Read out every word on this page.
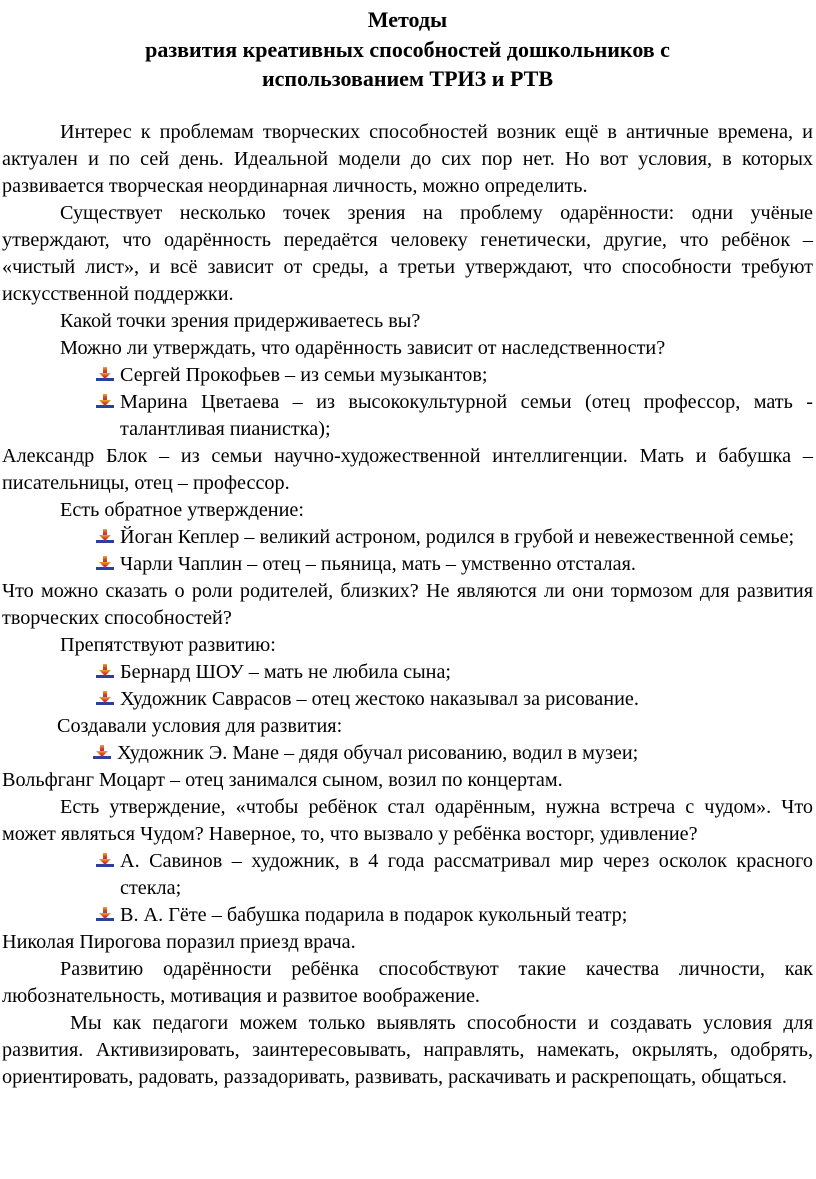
Методы
развития креативных способностей дошкольников с
использованием ТРИЗ и РТВ

Интерес к проблемам творческих способностей возник ещё в античные времена, и актуален и по сей день. Идеальной модели до сих пор нет. Но вот условия, в которых развивается творческая неординарная личность, можно определить.

Существует несколько точек зрения на проблему одарённости: одни учёные утверждают, что одарённость передаётся человеку генетически, другие, что ребёнок – «чистый лист», и всё зависит от среды, а третьи утверждают, что способности требуют искусственной поддержки.

Какой точки зрения придерживаетесь вы?

Можно ли утверждать, что одарённость зависит от наследственности?

Сергей Прокофьев – из семьи музыкантов;
Марина Цветаева – из высококультурной семьи (отец профессор, мать - талантливая пианистка);

Александр Блок – из семьи научно-художественной интеллигенции. Мать и бабушка – писательницы, отец – профессор.

Есть обратное утверждение:

Йоган Кеплер – великий астроном, родился в грубой и невежественной семье;
Чарли Чаплин – отец – пьяница, мать – умственно отсталая.

Что можно сказать о роли родителей, близких? Не являются ли они тормозом для развития творческих способностей?

Препятствуют развитию:

Бернард ШОУ – мать не любила сына;
Художник Саврасов – отец жестоко наказывал за рисование.

Создавали условия для развития:

Художник Э. Мане – дядя обучал рисованию, водил в музеи;

Вольфганг Моцарт – отец занимался сыном, возил по концертам.

Есть утверждение, «чтобы ребёнок стал одарённым, нужна встреча с чудом». Что может являться Чудом? Наверное, то, что вызвало у ребёнка восторг, удивление?

А. Савинов – художник, в 4 года рассматривал мир через осколок красного стекла;
В. А. Гёте – бабушка подарила в подарок кукольный театр;

Николая Пирогова поразил приезд врача.

Развитию одарённости ребёнка способствуют такие качества личности, как любознательность, мотивация и развитое воображение.

Мы как педагоги можем только выявлять способности и создавать условия для развития. Активизировать, заинтересовывать, направлять, намекать, окрылять, одобрять, ориентировать, радовать, раззадоривать, развивать, раскачивать и раскрепощать, общаться.
